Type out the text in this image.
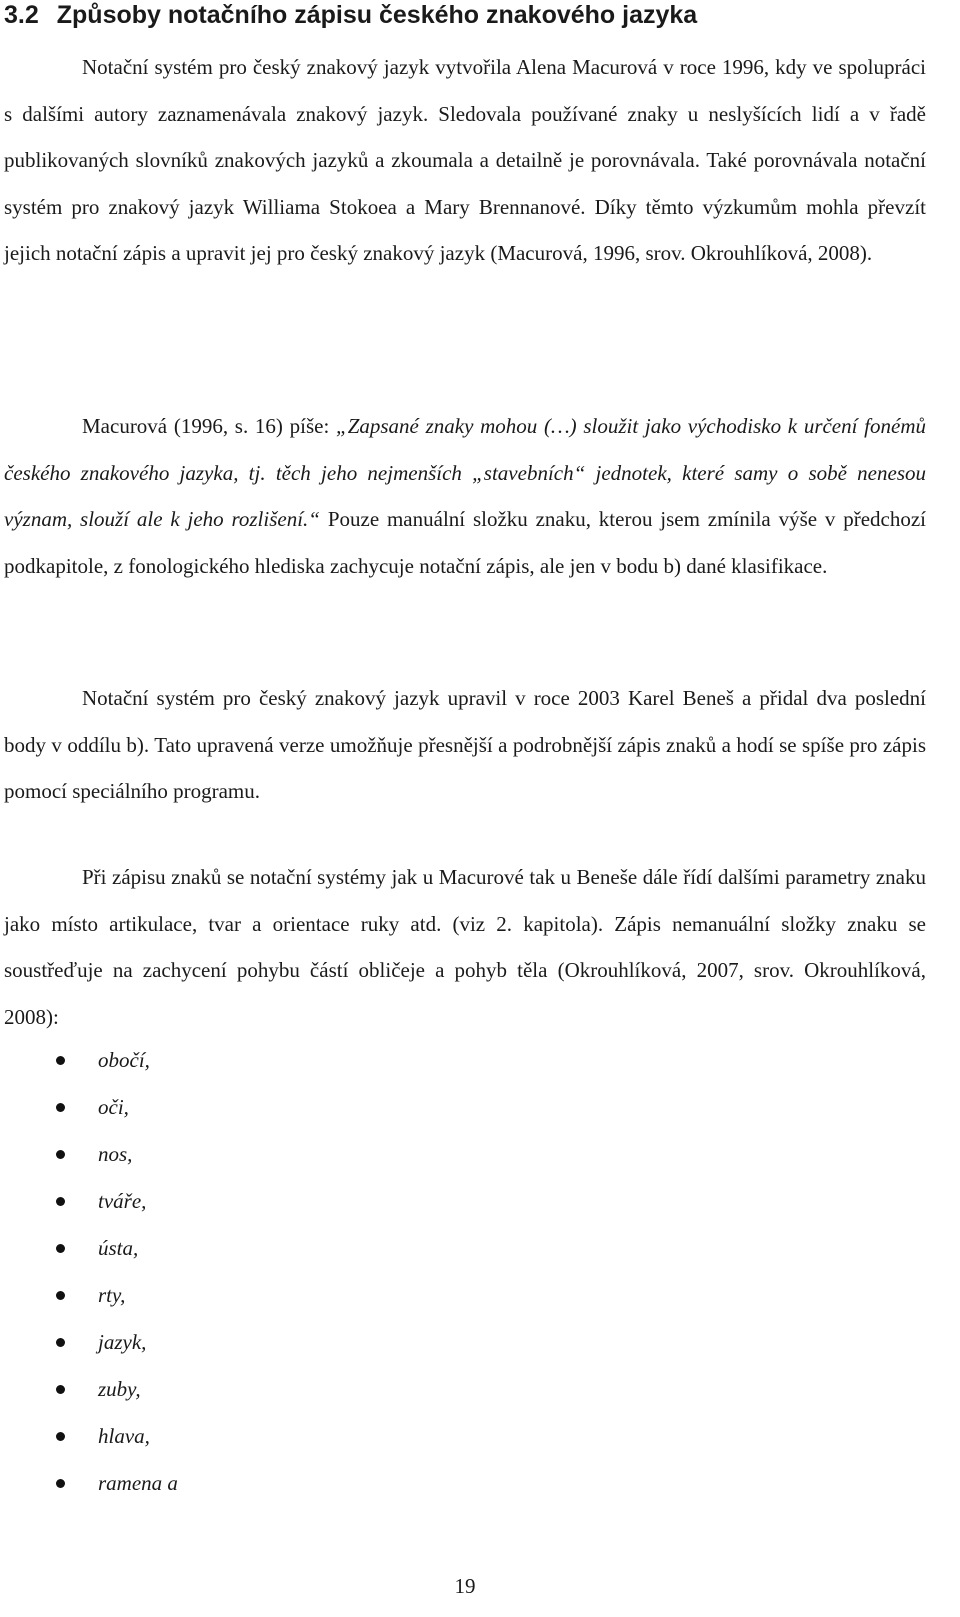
3.2 Způsoby notačního zápisu českého znakového jazyka

Notační systém pro český znakový jazyk vytvořila Alena Macurová v roce 1996, kdy ve spolupráci s dalšími autory zaznamenávala znakový jazyk. Sledovala používané znaky u neslyšících lidí a v řadě publikovaných slovníků znakových jazyků a zkoumala a detailně je porovnávala. Také porovnávala notační systém pro znakový jazyk Williama Stokoea a Mary Brennanové. Díky těmto výzkumům mohla převzít jejich notační zápis a upravit jej pro český znakový jazyk (Macurová, 1996, srov. Okrouhlíková, 2008).

Macurová (1996, s. 16) píše: „Zapsané znaky mohou (…) sloužit jako východisko k určení fonémů českého znakového jazyka, tj. těch jeho nejmenších „stavebních“ jednotek, které samy o sobě nenesou význam, slouží ale k jeho rozlišení.“ Pouze manuální složku znaku, kterou jsem zmínila výše v předchozí podkapitole, z fonologického hlediska zachycuje notační zápis, ale jen v bodu b) dané klasifikace.

Notační systém pro český znakový jazyk upravil v roce 2003 Karel Beneš a přidal dva poslední body v oddílu b). Tato upravená verze umožňuje přesnější a podrobnější zápis znaků a hodí se spíše pro zápis pomocí speciálního programu.

Při zápisu znaků se notační systémy jak u Macurové tak u Beneše dále řídí dalšími parametry znaku jako místo artikulace, tvar a orientace ruky atd. (viz 2. kapitola). Zápis nemanuální složky znaku se soustřeďuje na zachycení pohybu částí obličeje a pohyb těla (Okrouhlíková, 2007, srov. Okrouhlíková, 2008):

obočí,
oči,
nos,
tváře,
ústa,
rty,
jazyk,
zuby,
hlava,
ramena a
19
